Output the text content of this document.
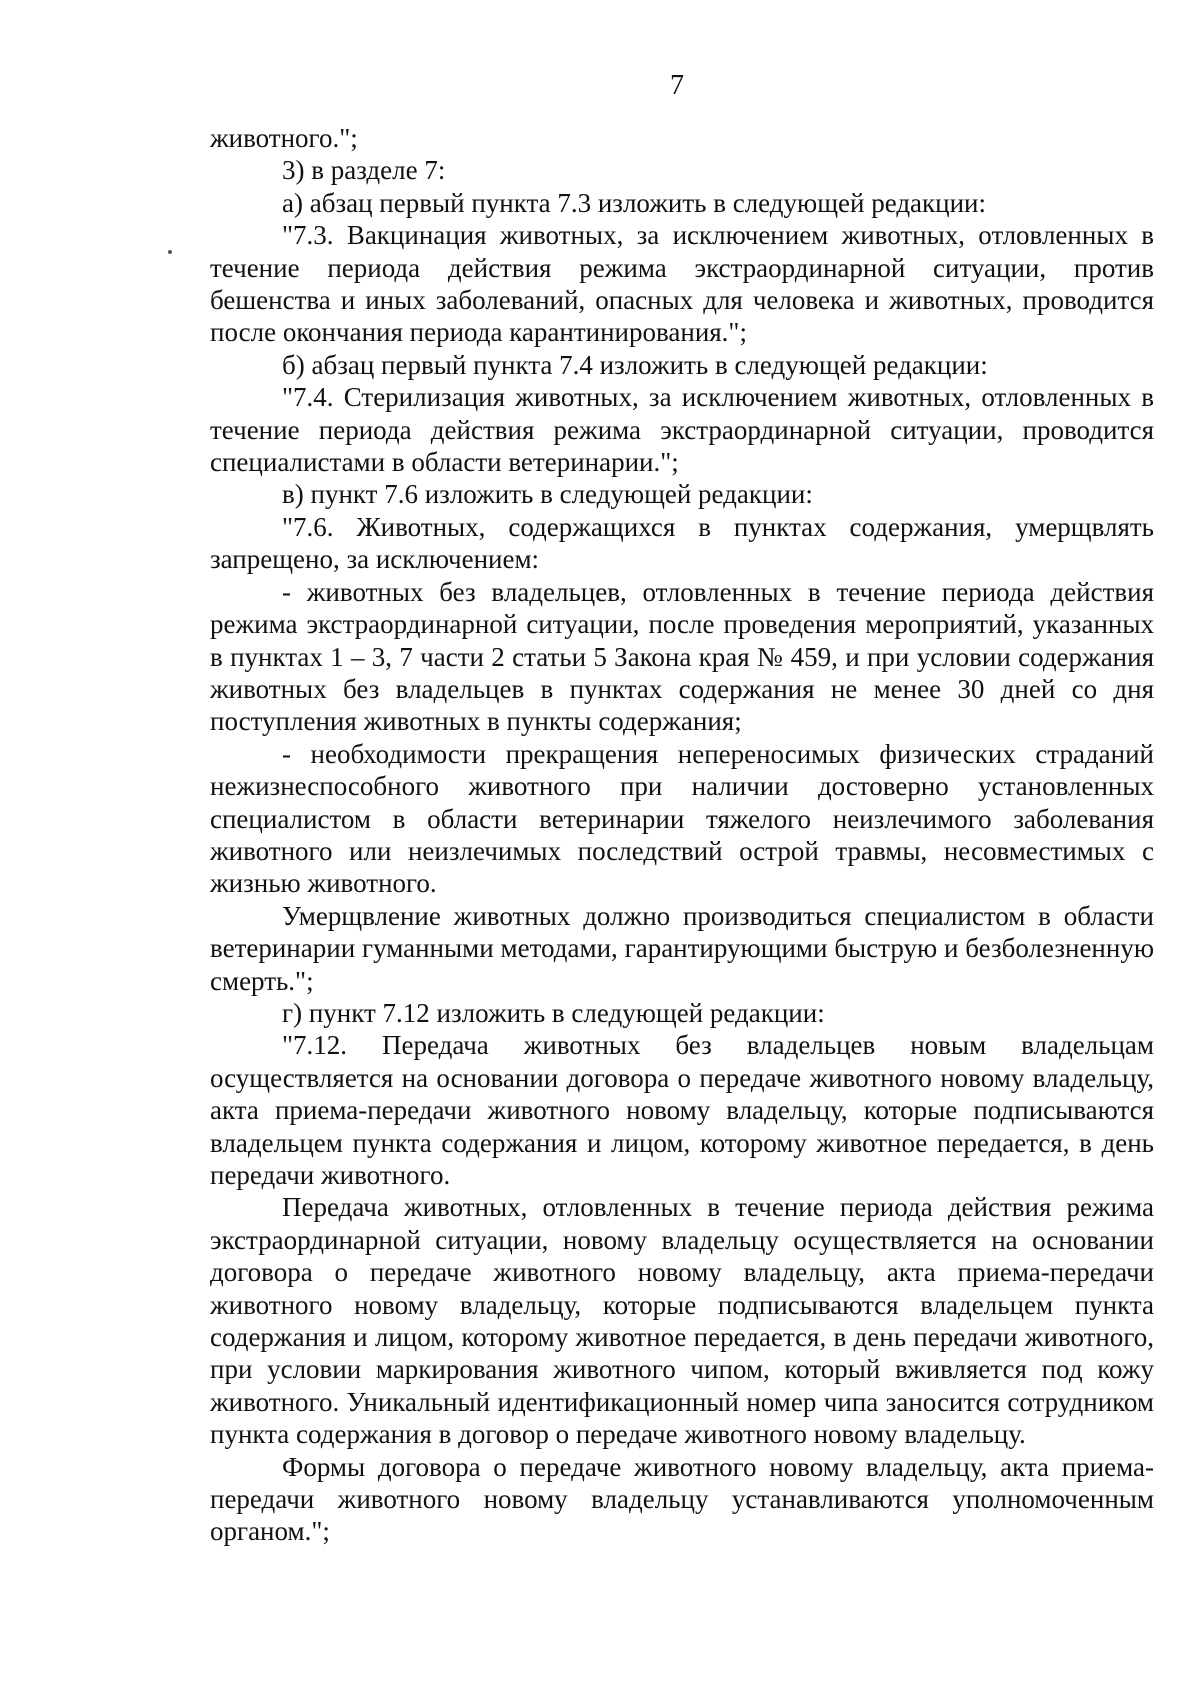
7

животного.";

3) в разделе 7:

а) абзац первый пункта 7.3 изложить в следующей редакции:

"7.3. Вакцинация животных, за исключением животных, отловленных в течение периода действия режима экстраординарной ситуации, против бешенства и иных заболеваний, опасных для человека и животных, проводится после окончания периода карантинирования.";

б) абзац первый пункта 7.4 изложить в следующей редакции:

"7.4. Стерилизация животных, за исключением животных, отловленных в течение периода действия режима экстраординарной ситуации, проводится специалистами в области ветеринарии.";

в) пункт 7.6 изложить в следующей редакции:

"7.6. Животных, содержащихся в пунктах содержания, умерщвлять запрещено, за исключением:

- животных без владельцев, отловленных в течение периода действия режима экстраординарной ситуации, после проведения мероприятий, указанных в пунктах 1 – 3, 7 части 2 статьи 5 Закона края № 459, и при условии содержания животных без владельцев в пунктах содержания не менее 30 дней со дня поступления животных в пункты содержания;

- необходимости прекращения непереносимых физических страданий нежизнеспособного животного при наличии достоверно установленных специалистом в области ветеринарии тяжелого неизлечимого заболевания животного или неизлечимых последствий острой травмы, несовместимых с жизнью животного.

Умерщвление животных должно производиться специалистом в области ветеринарии гуманными методами, гарантирующими быструю и безболезненную смерть.";

г) пункт 7.12 изложить в следующей редакции:

"7.12. Передача животных без владельцев новым владельцам осуществляется на основании договора о передаче животного новому владельцу, акта приема-передачи животного новому владельцу, которые подписываются владельцем пункта содержания и лицом, которому животное передается, в день передачи животного.

Передача животных, отловленных в течение периода действия режима экстраординарной ситуации, новому владельцу осуществляется на основании договора о передаче животного новому владельцу, акта приема-передачи животного новому владельцу, которые подписываются владельцем пункта содержания и лицом, которому животное передается, в день передачи животного, при условии маркирования животного чипом, который вживляется под кожу животного. Уникальный идентификационный номер чипа заносится сотрудником пункта содержания в договор о передаче животного новому владельцу.

Формы договора о передаче животного новому владельцу, акта приема-передачи животного новому владельцу устанавливаются уполномоченным органом.";
